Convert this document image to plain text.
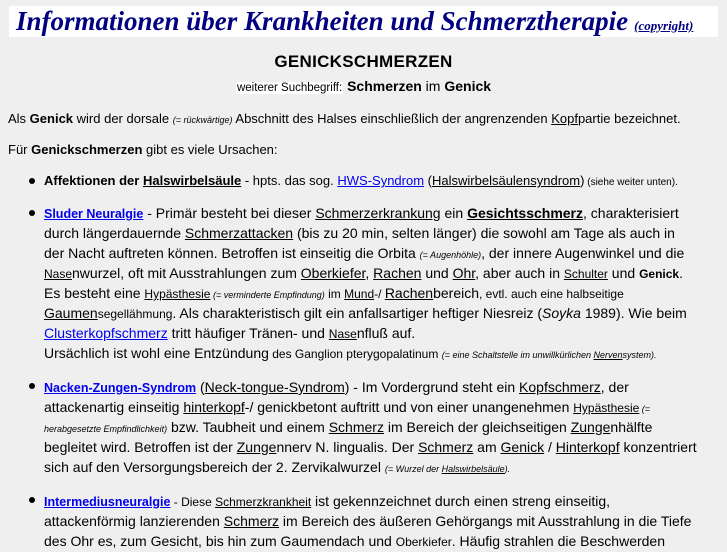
Informationen über Krankheiten und Schmerztherapie (copyright)
GENICKSCHMERZEN
weiterer Suchbegriff: Schmerzen im Genick
Als Genick wird der dorsale (= rückwärtige) Abschnitt des Halses einschließlich der angrenzenden Kopfpartie bezeichnet.
Für Genickschmerzen gibt es viele Ursachen:
Affektionen der Halswirbelsäule - hpts. das sog. HWS-Syndrom (Halswirbelsäulensyndrom) (siehe weiter unten).
Sluder Neuralgie - Primär besteht bei dieser Schmerzerkrankung ein Gesichtsschmerz, charakterisiert
durch längerdauernde Schmerzattacken (bis zu 20 min, selten länger) die sowohl am Tage als auch in
der Nacht auftreten können. Betroffen ist einseitig die Orbita (= Augenhöhle), der innere Augenwinkel und die
Nasenwurzel, oft mit Ausstrahlungen zum Oberkiefer, Rachen und Ohr, aber auch in Schulter und Genick.
Es besteht eine Hypästhesie (= verminderte Empfindung) im Mund-/ Rachenbereich, evtl. auch eine halbseitige
Gaumensegellähmung. Als charakteristisch gilt ein anfallsartiger heftiger Niesreiz (Soyka 1989). Wie beim
Clusterkopfschmerz tritt häufiger Tränen- und Nasenfluß auf.
Ursächlich ist wohl eine Entzündung des Ganglion pterygopalatinum (= eine Schaltstelle im unwillkürlichen Nervensystem).
Nacken-Zungen-Syndrom (Neck-tongue-Syndrom) - Im Vordergrund steht ein Kopfschmerz, der
attackenartig einseitig hinterkopf-/ genickbetont auftritt und von einer unangenehmen Hypästhesie (=
herabgesetzte Empfindlichkeit) bzw. Taubheit und einem Schmerz im Bereich der gleichseitigen Zungenhälfte
begleitet wird. Betroffen ist der Zungennerv N. lingualis. Der Schmerz am Genick / Hinterkopf konzentriert
sich auf den Versorgungsbereich der 2. Zervikalwurzel (= Wurzel der Halswirbelsäule).
Intermediusneuralgie - Diese Schmerzkrankheit ist gekennzeichnet durch einen streng einseitig,
attackenförmig lanzierenden Schmerz im Bereich des äußeren Gehörgangs mit Ausstrahlung in die Tiefe
des Ohr es, zum Gesicht, bis hin zum Gaumendach und Oberkiefer. Häufig strahlen die Beschwerden
